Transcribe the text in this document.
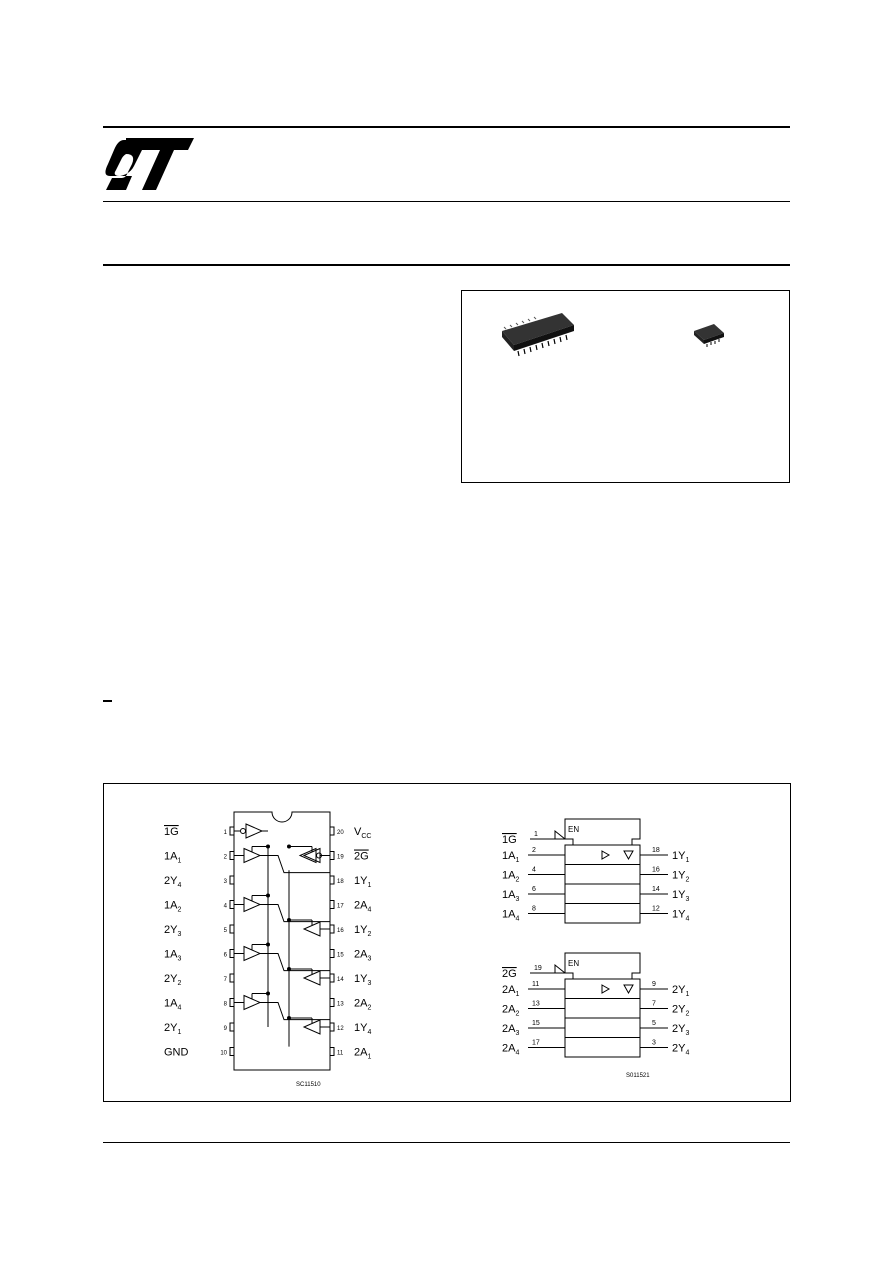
1
1G
2
$1A_1$
3
$2Y_4$
4
$1A_2$
5
$2Y_3$
6
$1A_3$
7
$2Y_2$
8
$1A_4$
9
$2Y_1$
10
GND
20 $V_{CC}$
19 2G
18 $1Y_1$
17 $2A_4$
16 $1Y_2$
15 $2A_3$
14 $1Y_3$
13 $2A_2$
12 $1Y_4$
11 $2A_1$
SC11510
EN
1
1G
2
$1A_1$
4
$1A_2$
6
$1A_3$
8
$1A_4$
18 $1Y_1$
16 $1Y_2$
14 $1Y_3$
12 $1Y_4$
EN
19
2G
11
$2A_1$
13
$2A_2$
15
$2A_3$
17
$2A_4$
9 $2Y_1$
7 $2Y_2$
5 $2Y_3$
3 $2Y_4$
S011521
